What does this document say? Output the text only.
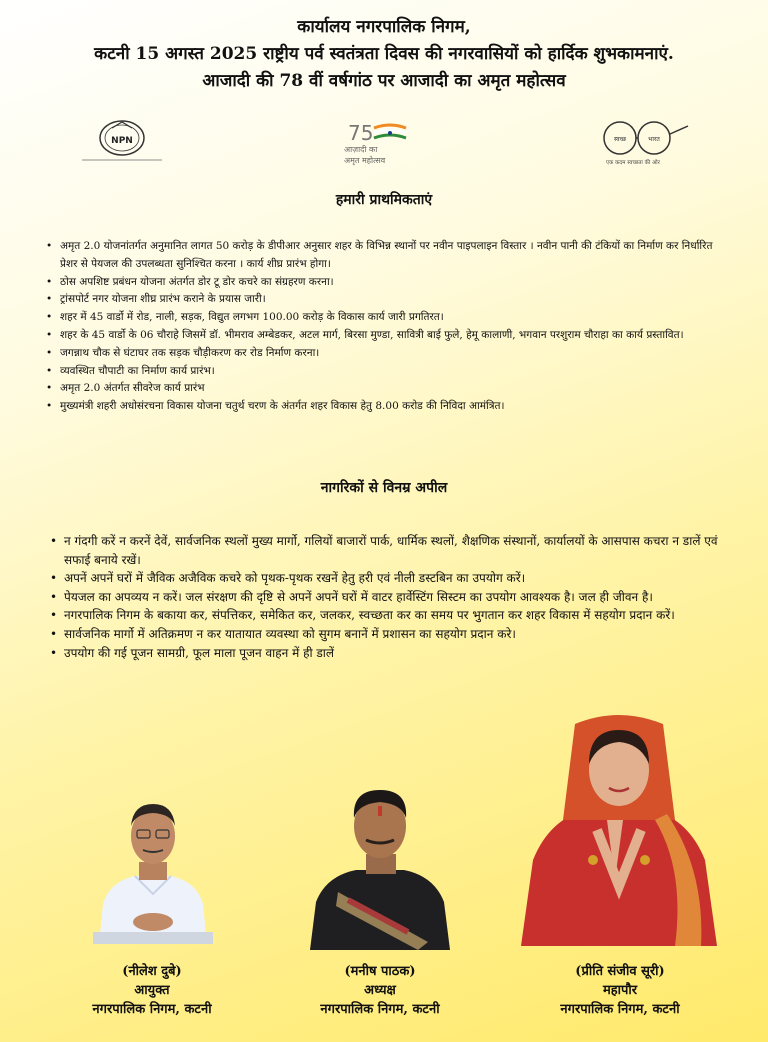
कार्यालय नगरपालिक निगम,
कटनी 15 अगस्त 2025 राष्ट्रीय पर्व स्वतंत्रता दिवस की नगरवासियों को हार्दिक शुभकामनाएं.
आजादी की 78 वीं वर्षगांठ पर आजादी का अमृत महोत्सव
NPN	75
आज़ादी का
अमृत महोत्सव
स्वच्छ	भारत
एक कदम स्वच्छता की ओर
हमारी प्राथमिकताएं
• अमृत 2.0 योजनांतर्गत अनुमानित लागत 50 करोड़ के डीपीआर अनुसार शहर के विभिन्न स्थानों पर नवीन पाइपलाइन विस्तार । नवीन पानी की टंकियों का निर्माण कर निर्धारित प्रेशर से पेयजल की उपलब्धता सुनिश्चित करना । कार्य शीघ्र प्रारंभ होगा।
• ठोस अपशिष्ट प्रबंधन योजना अंतर्गत डोर टू डोर कचरे का संग्रहरण करना।
• ट्रांसपोर्ट नगर योजना शीघ्र प्रारंभ कराने के प्रयास जारी।
• शहर में 45 वार्डो में रोड, नाली, सड़क, विद्युत लगभग 100.00 करोड़ के विकास कार्य जारी प्रगतिरत।
• शहर के 45 वार्डो के 06 चौराहे जिसमें डॉ. भीमराव अम्बेडकर, अटल मार्ग, बिरसा मुण्डा, सावित्री बाई फुले, हेमू कालाणी, भगवान परशुराम चौराहा का कार्य प्रस्तावित।
• जगन्नाथ चौक से घंटाघर तक सड़क चौड़ीकरण कर रोड निर्माण करना।
• व्यवस्थित चौपाटी का निर्माण कार्य प्रारंभ।
• अमृत 2.0 अंतर्गत सीवरेज कार्य प्रारंभ
• मुख्यमंत्री शहरी अधोसंरचना विकास योजना चतुर्थ चरण के अंतर्गत शहर विकास हेतु 8.00 करोड की निविदा आमंत्रित।
नागरिकों से विनम्र अपील
• न गंदगी करें न करनें देवें, सार्वजनिक स्थलों मुख्य मार्गो, गलियों बाजारों पार्क, धार्मिक स्थलों, शैक्षणिक संस्थानों, कार्यालयों के आसपास कचरा न डालें एवं सफाई बनाये रखें।
• अपनें अपनें घरों में जैविक अजैविक कचरे को पृथक-पृथक रखनें हेतु हरी एवं नीली डस्टबिन का उपयोग करें।
• पेयजल का अपव्यय न करें। जल संरक्षण की दृष्टि से अपनें अपनें घरों में वाटर हार्वेस्टिंग सिस्टम का उपयोग आवश्यक है। जल ही जीवन है।
• नगरपालिक निगम के बकाया कर, संपत्तिकर, समेकित कर, जलकर, स्वच्छता कर का समय पर भुगतान कर शहर विकास में सहयोग प्रदान करें।
• सार्वजनिक मार्गो में अतिक्रमण न कर यातायात व्यवस्था को सुगम बनानें में प्रशासन का सहयोग प्रदान करे।
• उपयोग की गई पूजन सामग्री, फूल माला पूजन वाहन में ही डालें
(नीलेश दुबे)
आयुक्त
नगरपालिक निगम, कटनी
(मनीष पाठक)
अध्यक्ष
नगरपालिक निगम, कटनी
(प्रीति संजीव सूरी)
महापौर
नगरपालिक निगम, कटनी
